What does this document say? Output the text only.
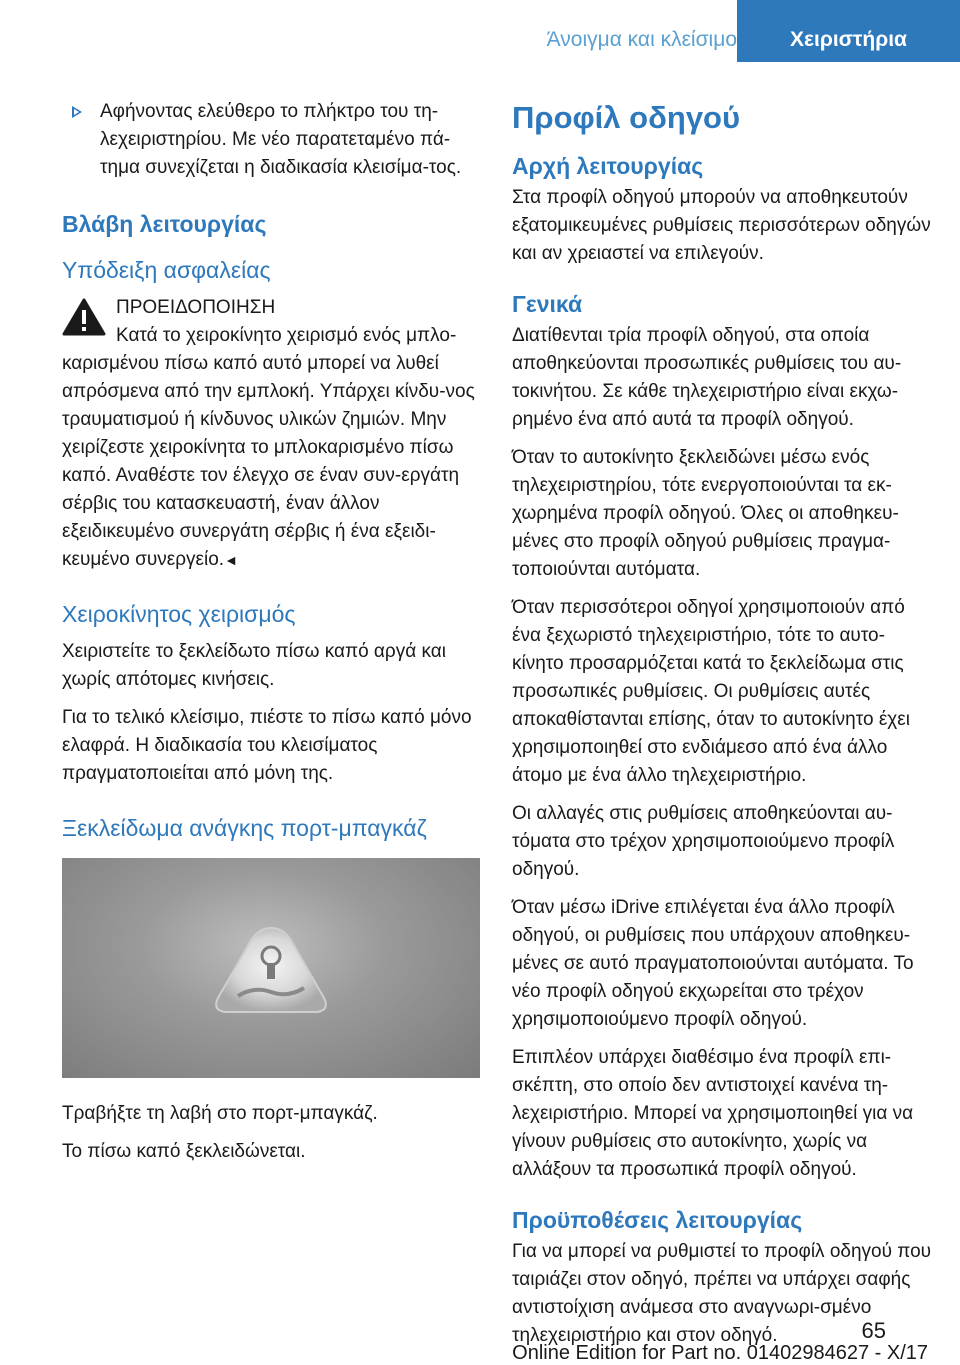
Άνοιγμα και κλείσιμο	Χειριστήρια

Αφήνοντας ελεύθερο το πλήκτρο του τη-λεχειριστηρίου. Με νέο παρατεταμένο πά-τημα συνεχίζεται η διαδικασία κλεισίμα-τος.

Βλάβη λειτουργίας
Υπόδειξη ασφαλείας

ΠΡΟΕΙΔΟΠΟΙΗΣΗ

Κατά το χειροκίνητο χειρισμό ενός μπλο-καρισμένου πίσω καπό αυτό μπορεί να λυθεί απρόσμενα από την εμπλοκή. Υπάρχει κίνδυ-νος τραυματισμού ή κίνδυνος υλικών ζημιών. Μην χειρίζεστε χειροκίνητα το μπλοκαρισμένο πίσω καπό. Αναθέστε τον έλεγχο σε έναν συν-εργάτη σέρβις του κατασκευαστή, έναν άλλον εξειδικευμένο συνεργάτη σέρβις ή ένα εξειδι-κευμένο συνεργείο.◄

Χειροκίνητος χειρισμός

Χειριστείτε το ξεκλείδωτο πίσω καπό αργά και χωρίς απότομες κινήσεις.

Για το τελικό κλείσιμο, πιέστε το πίσω καπό μόνο ελαφρά. Η διαδικασία του κλεισίματος πραγματοποιείται από μόνη της.

Ξεκλείδωμα ανάγκης πορτ-μπαγκάζ

Τραβήξτε τη λαβή στο πορτ-μπαγκάζ.

Το πίσω καπό ξεκλειδώνεται.

Προφίλ οδηγού
Αρχή λειτουργίας

Στα προφίλ οδηγού μπορούν να αποθηκευτούν εξατομικευμένες ρυθμίσεις περισσότερων οδηγών και αν χρειαστεί να επιλεγούν.

Γενικά

Διατίθενται τρία προφίλ οδηγού, στα οποία αποθηκεύονται προσωπικές ρυθμίσεις του αυ-τοκινήτου. Σε κάθε τηλεχειριστήριο είναι εκχω-ρημένο ένα από αυτά τα προφίλ οδηγού.

Όταν το αυτοκίνητο ξεκλειδώνει μέσω ενός τηλεχειριστηρίου, τότε ενεργοποιούνται τα εκ-χωρημένα προφίλ οδηγού. Όλες οι αποθηκευ-μένες στο προφίλ οδηγού ρυθμίσεις πραγμα-τοποιούνται αυτόματα.

Όταν περισσότεροι οδηγοί χρησιμοποιούν από ένα ξεχωριστό τηλεχειριστήριο, τότε το αυτο-κίνητο προσαρμόζεται κατά το ξεκλείδωμα στις προσωπικές ρυθμίσεις. Οι ρυθμίσεις αυτές αποκαθίστανται επίσης, όταν το αυτοκίνητο έχει χρησιμοποιηθεί στο ενδιάμεσο από ένα άλλο άτομο με ένα άλλο τηλεχειριστήριο.

Οι αλλαγές στις ρυθμίσεις αποθηκεύονται αυ-τόματα στο τρέχον χρησιμοποιούμενο προφίλ οδηγού.

Όταν μέσω iDrive επιλέγεται ένα άλλο προφίλ οδηγού, οι ρυθμίσεις που υπάρχουν αποθηκευ-μένες σε αυτό πραγματοποιούνται αυτόματα. Το νέο προφίλ οδηγού εκχωρείται στο τρέχον χρησιμοποιούμενο προφίλ οδηγού.

Επιπλέον υπάρχει διαθέσιμο ένα προφίλ επι-σκέπτη, στο οποίο δεν αντιστοιχεί κανένα τη-λεχειριστήριο. Μπορεί να χρησιμοποιηθεί για να γίνουν ρυθμίσεις στο αυτοκίνητο, χωρίς να αλλάξουν τα προσωπικά προφίλ οδηγού.

Προϋποθέσεις λειτουργίας

Για να μπορεί να ρυθμιστεί το προφίλ οδηγού που ταιριάζει στον οδηγό, πρέπει να υπάρχει σαφής αντιστοίχιση ανάμεσα στο αναγνωρι-σμένο τηλεχειριστήριο και στον οδηγό.	65
Online Edition for Part no. 01402984627 - X/17
